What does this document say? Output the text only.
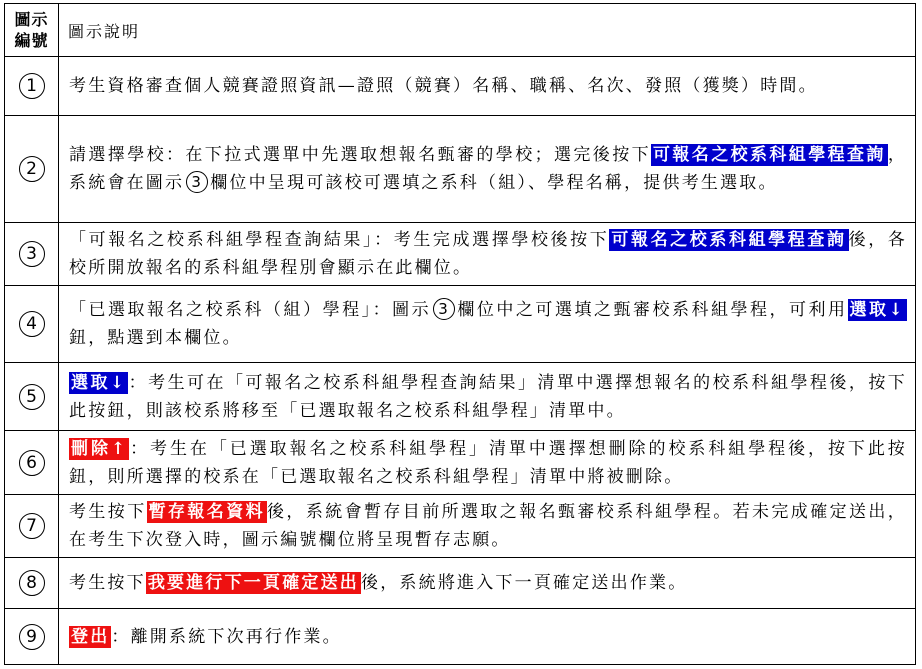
圖示
編號	圖示說明
1	考生資格審查個人競賽證照資訊—證照（競賽）名稱、職稱、名次、發照（獲獎）時間。
2	請選擇學校：在下拉式選單中先選取想報名甄審的學校；選完後按下 可報名之校系科組學程查詢 ，系統會在圖示 3 欄位中呈現可該校可選填之系科（組）、學程名稱，提供考生選取。
3	「可報名之校系科組學程查詢結果」：考生完成選擇學校後按下 可報名之校系科組學程查詢 後，各校所開放報名的系科組學程別會顯示在此欄位。
4	「已選取報名之校系科（組）學程」：圖示 3 欄位中之可選填之甄審校系科組學程，可利用 選取↓鈕，點選到本欄位。
5	選取↓ ：考生可在「可報名之校系科組學程查詢結果」清單中選擇想報名的校系科組學程後，按下此按鈕，則該校系將移至「已選取報名之校系科組學程」清單中。
6	刪除↑ ：考生在「已選取報名之校系科組學程」清單中選擇想刪除的校系科組學程後，按下此按鈕，則所選擇的校系在「已選取報名之校系科組學程」清單中將被刪除。
7	考生按下 暫存報名資料 後，系統會暫存目前所選取之報名甄審校系科組學程。若未完成確定送出，在考生下次登入時，圖示編號欄位將呈現暫存志願。
8	考生按下 我要進行下一頁確定送出 後，系統將進入下一頁確定送出作業。
9	登出 ：離開系統下次再行作業。
